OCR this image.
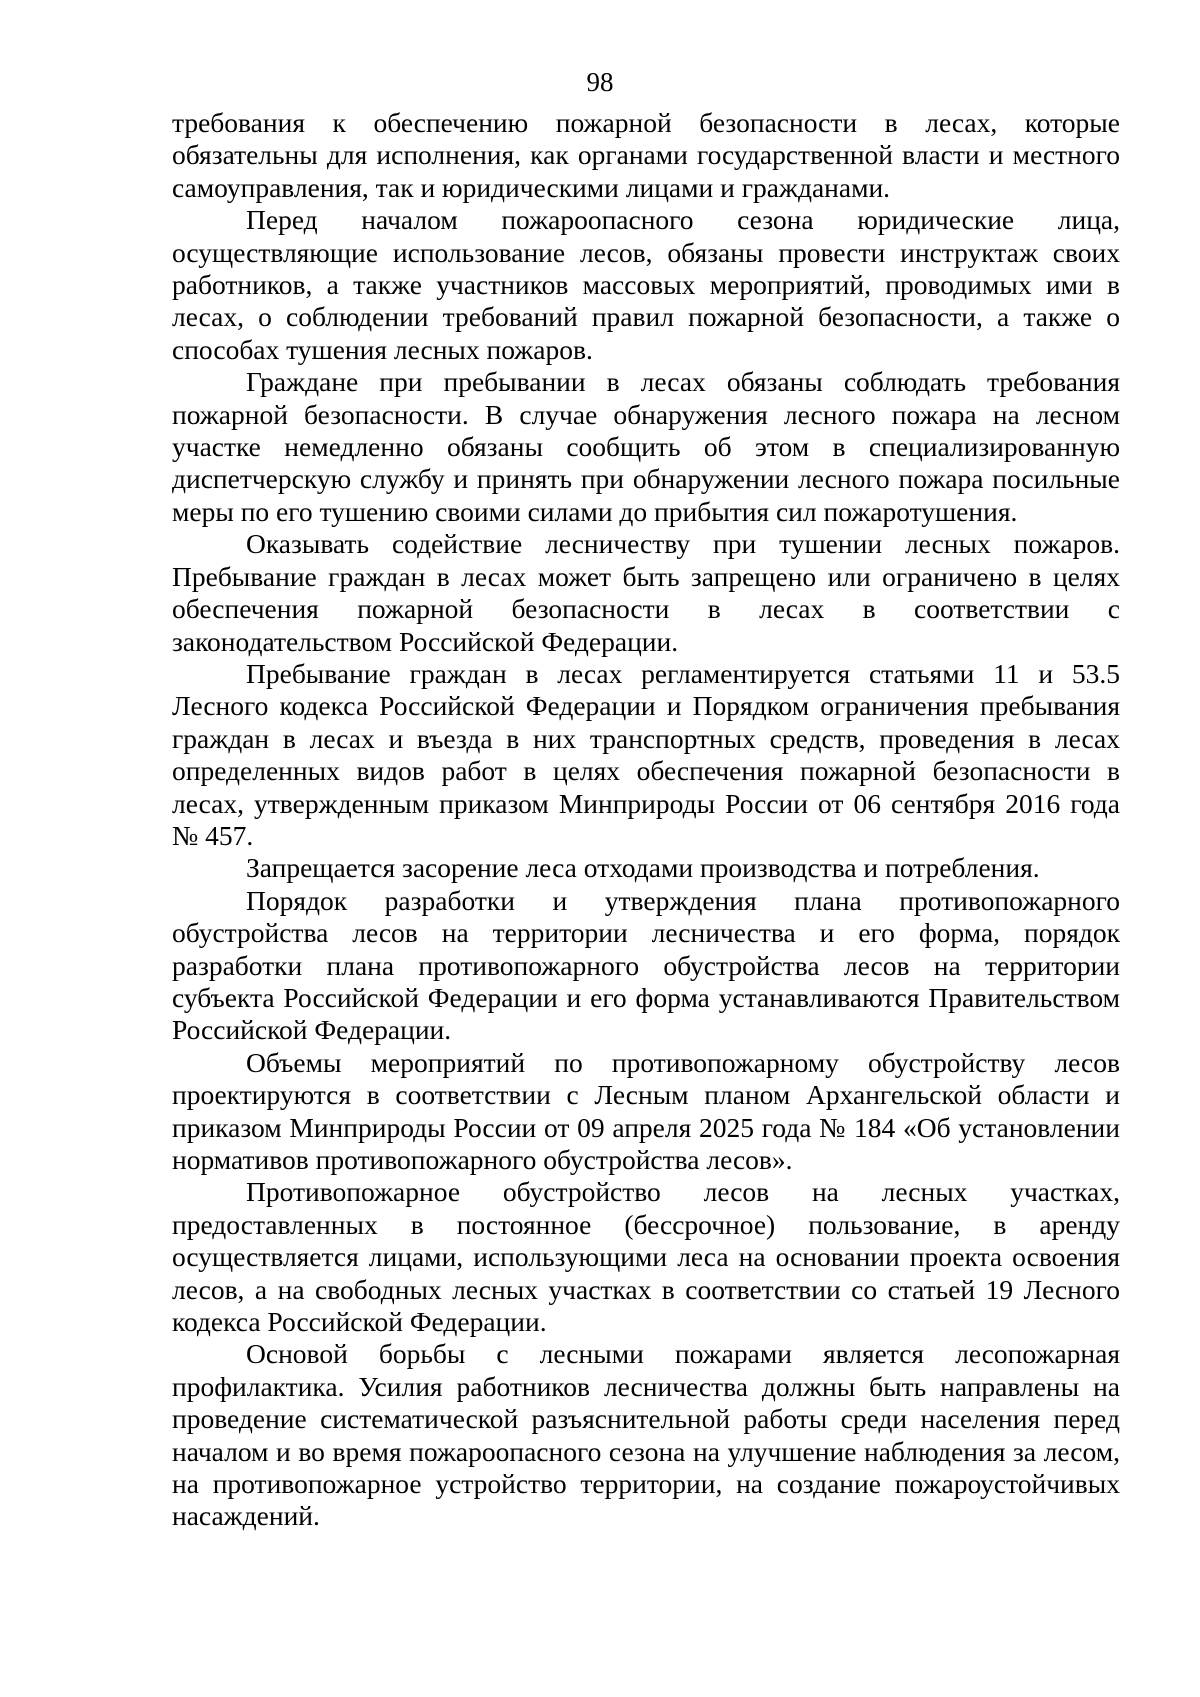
98

требования к обеспечению пожарной безопасности в лесах, которые обязательны для исполнения, как органами государственной власти и местного самоуправления, так и юридическими лицами и гражданами.

Перед началом пожароопасного сезона юридические лица, осуществляющие использование лесов, обязаны провести инструктаж своих работников, а также участников массовых мероприятий, проводимых ими в лесах, о соблюдении требований правил пожарной безопасности, а также о способах тушения лесных пожаров.

Граждане при пребывании в лесах обязаны соблюдать требования пожарной безопасности. В случае обнаружения лесного пожара на лесном участке немедленно обязаны сообщить об этом в специализированную диспетчерскую службу и принять при обнаружении лесного пожара посильные меры по его тушению своими силами до прибытия сил пожаротушения.

Оказывать содействие лесничеству при тушении лесных пожаров. Пребывание граждан в лесах может быть запрещено или ограничено в целях обеспечения пожарной безопасности в лесах в соответствии с законодательством Российской Федерации.

Пребывание граждан в лесах регламентируется статьями 11 и 53.5 Лесного кодекса Российской Федерации и Порядком ограничения пребывания граждан в лесах и въезда в них транспортных средств, проведения в лесах определенных видов работ в целях обеспечения пожарной безопасности в лесах, утвержденным приказом Минприроды России от 06 сентября 2016 года № 457.

Запрещается засорение леса отходами производства и потребления.

Порядок разработки и утверждения плана противопожарного обустройства лесов на территории лесничества и его форма, порядок разработки плана противопожарного обустройства лесов на территории субъекта Российской Федерации и его форма устанавливаются Правительством Российской Федерации.

Объемы мероприятий по противопожарному обустройству лесов проектируются в соответствии с Лесным планом Архангельской области и приказом Минприроды России от 09 апреля 2025 года № 184 «Об установлении нормативов противопожарного обустройства лесов».

Противопожарное обустройство лесов на лесных участках, предоставленных в постоянное (бессрочное) пользование, в аренду осуществляется лицами, использующими леса на основании проекта освоения лесов, а на свободных лесных участках в соответствии со статьей 19 Лесного кодекса Российской Федерации.

Основой борьбы с лесными пожарами является лесопожарная профилактика. Усилия работников лесничества должны быть направлены на проведение систематической разъяснительной работы среди населения перед началом и во время пожароопасного сезона на улучшение наблюдения за лесом, на противопожарное устройство территории, на создание пожароустойчивых насаждений.
